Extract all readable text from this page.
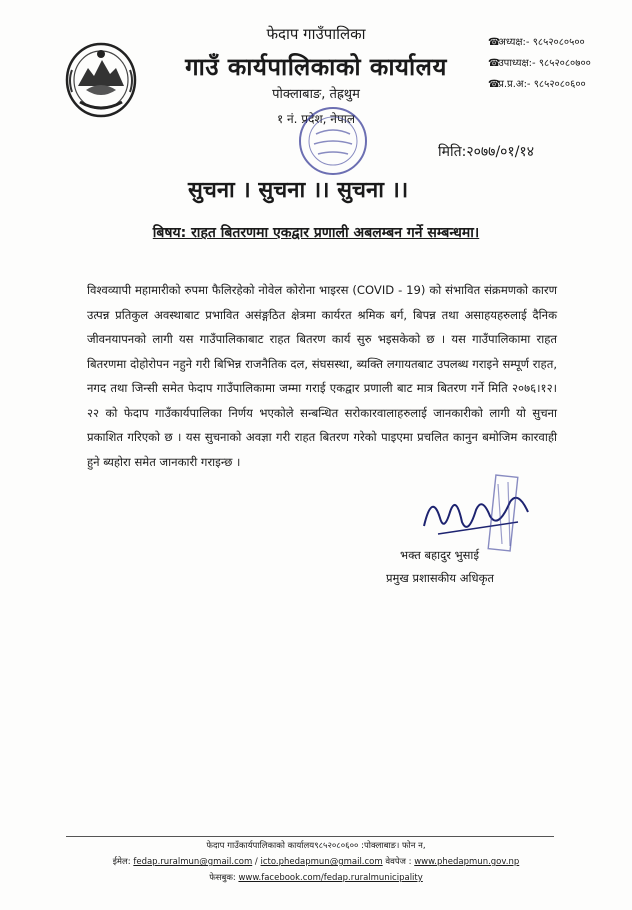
फेदाप गाउँपालिका
गाउँ कार्यपालिकाको कार्यालय
पोक्लाबाङ, तेह्रथुम
१ नं. प्रदेश, नेपाल
☎ अध्यक्ष:- ९८५२०८०५००
☎ उपाध्यक्ष:- ९८५२०८०७००
☎ प्र.प्र.अ:- ९८५२०८०६००
मिति:२०७७/०१/१४
सुचना । सुचना ।। सुचना ।।
बिषय: राहत बितरणमा एकद्वार प्रणाली अबलम्बन गर्ने सम्बन्धमा।
विश्वव्यापी महामारीको रुपमा फैलिरहेको नोवेल कोरोना भाइरस (COVID - 19) को संभावित संक्रमणको कारण उत्पन्न प्रतिकुल अवस्थाबाट प्रभावित असंङ्गठित क्षेत्रमा कार्यरत श्रमिक बर्ग, बिपन्न तथा असाहयहरुलाई दैनिक जीवनयापनको लागी यस गाउँपालिकाबाट राहत बितरण कार्य सुरु भइसकेको छ । यस गाउँपालिकामा राहत बितरणमा दोहोरोपन नहुने गरी बिभिन्न राजनैतिक दल, संघसस्था, ब्यक्ति लगायतबाट उपलब्ध गराइने सम्पूर्ण राहत, नगद तथा जिन्सी समेत फेदाप गाउँपालिकामा जम्मा गराई एकद्वार प्रणाली बाट मात्र बितरण गर्ने मिति २०७६।१२।२२ को फेदाप गाउँकार्यपालिका निर्णय भएकोले सन्बन्धित सरोकारवालाहरुलाई जानकारीको लागी यो सुचना प्रकाशित गरिएको छ । यस सुचनाको अवज्ञा गरी राहत बितरण गरेको पाइएमा प्रचलित कानुन बमोजिम कारवाही हुने ब्यहोरा समेत जानकारी गराइन्छ ।
भक्त बहादुर भुसाई
प्रमुख प्रशासकीय अधिकृत
फेदाप गाउँकार्यपालिकाको कार्यालय९८५२०८०६०० :पोक्लाबाङ। फोन न,
ईमेल: fedap.ruralmun@gmail.com / icto.phedapmun@gmail.com वेवपेज : www.phedapmun.gov.np
फेसबुक: www.facebook.com/fedap.ruralmunicipality
